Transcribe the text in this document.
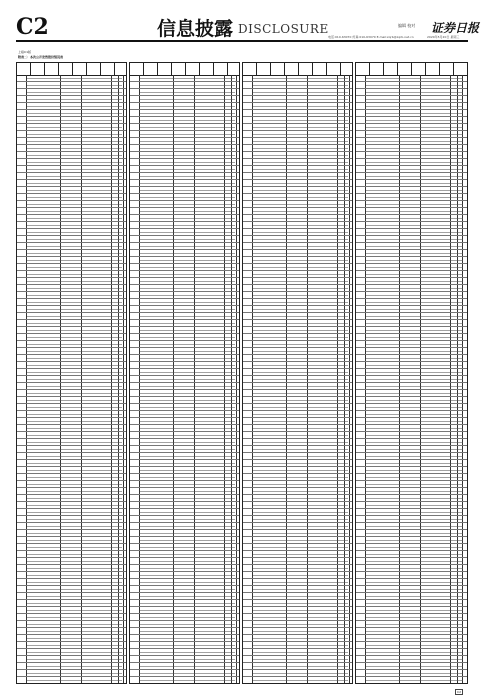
C2	信息披露 DISCLOSURE	编辑 校对
电话:010-63070 传真:010-63070 E-mail:zqrb@zqrb.net.cn
证券日报
2020年5月20日 星期三
上接C1版
附表二：本次公开发售股份情况表
C2
